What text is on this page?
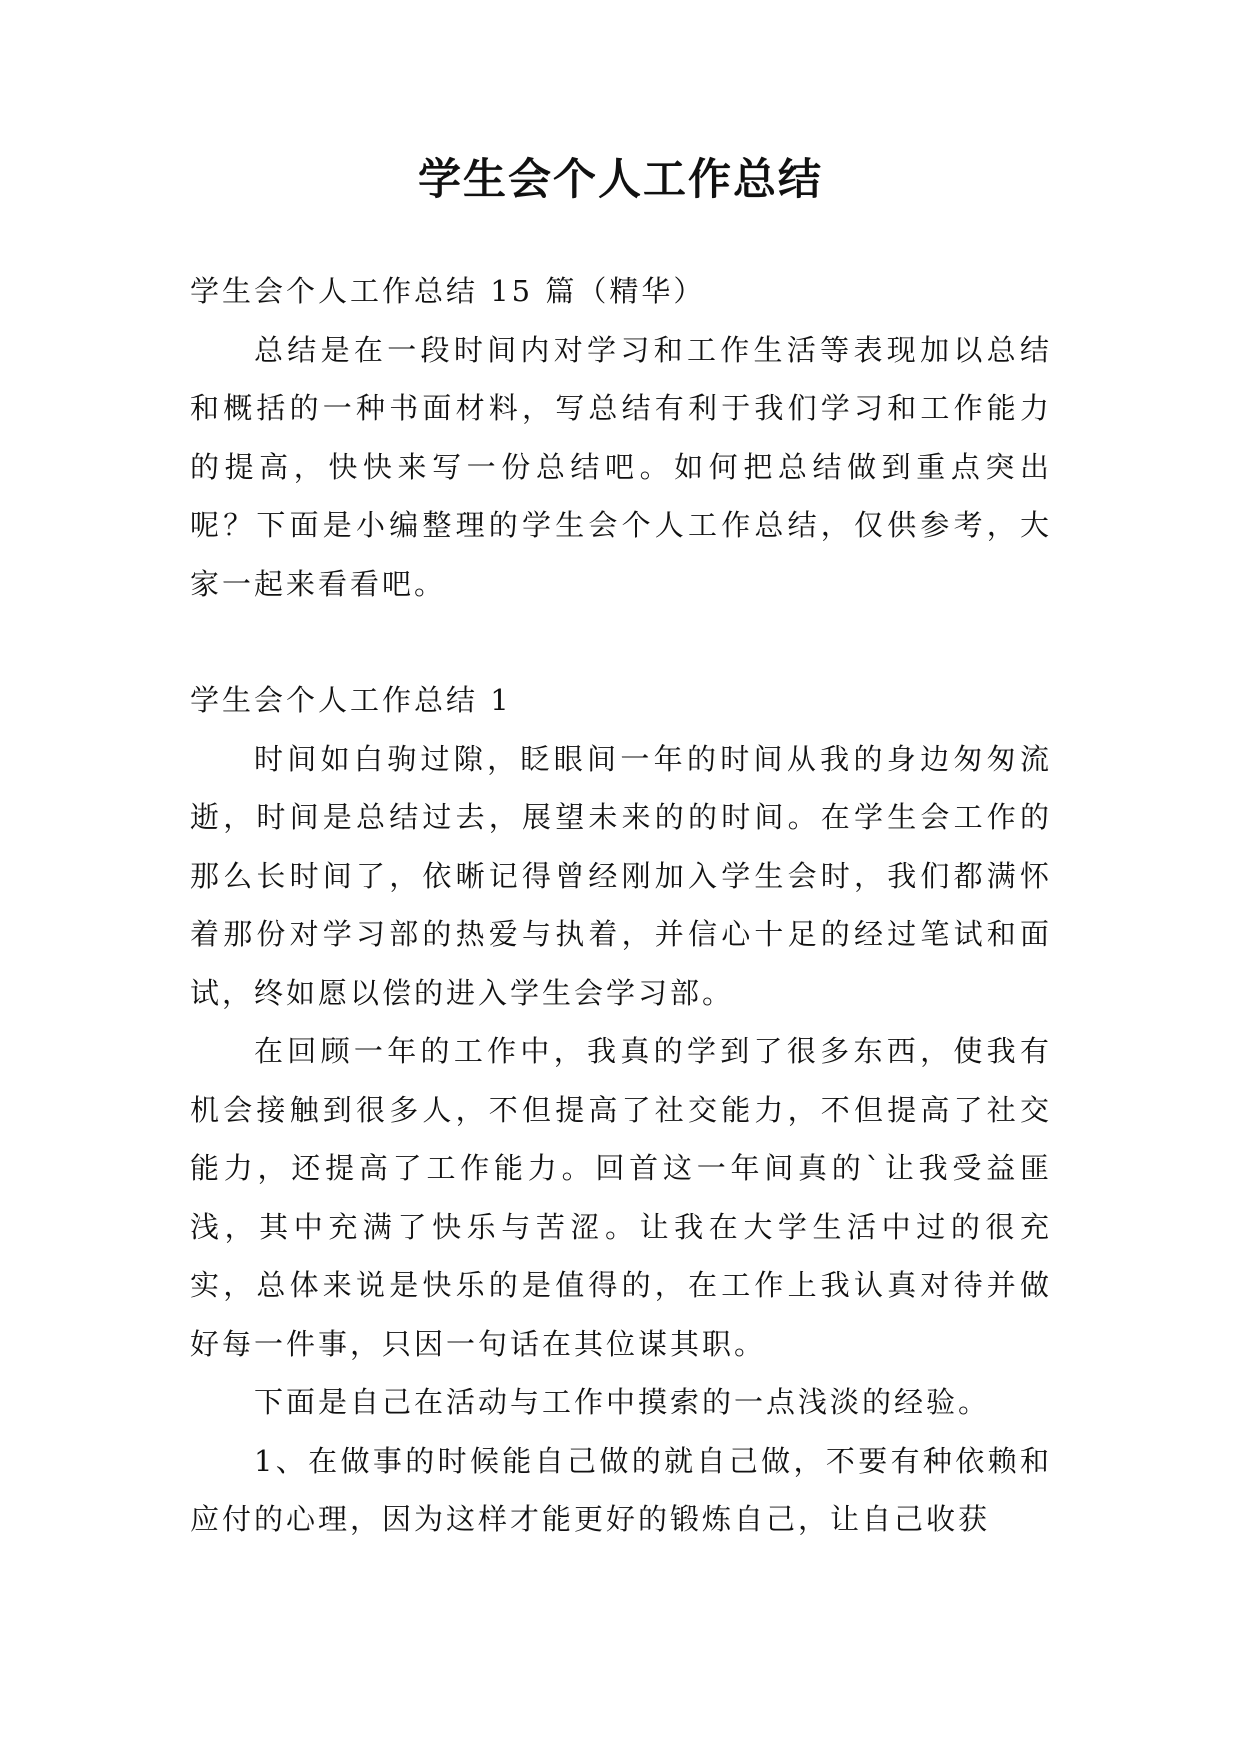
学生会个人工作总结

学生会个人工作总结 15 篇（精华）

总结是在一段时间内对学习和工作生活等表现加以总结和概括的一种书面材料，写总结有利于我们学习和工作能力的提高，快快来写一份总结吧。如何把总结做到重点突出呢？下面是小编整理的学生会个人工作总结，仅供参考，大家一起来看看吧。

学生会个人工作总结 1

时间如白驹过隙，眨眼间一年的时间从我的身边匆匆流逝，时间是总结过去，展望未来的的时间。在学生会工作的那么长时间了，依晰记得曾经刚加入学生会时，我们都满怀着那份对学习部的热爱与执着，并信心十足的经过笔试和面试，终如愿以偿的进入学生会学习部。

在回顾一年的工作中，我真的学到了很多东西，使我有机会接触到很多人，不但提高了社交能力，不但提高了社交能力，还提高了工作能力。回首这一年间真的`让我受益匪浅，其中充满了快乐与苦涩。让我在大学生活中过的很充实，总体来说是快乐的是值得的，在工作上我认真对待并做好每一件事，只因一句话在其位谋其职。

下面是自己在活动与工作中摸索的一点浅淡的经验。

1、在做事的时候能自己做的就自己做，不要有种依赖和应付的心理，因为这样才能更好的锻炼自己，让自己收获
